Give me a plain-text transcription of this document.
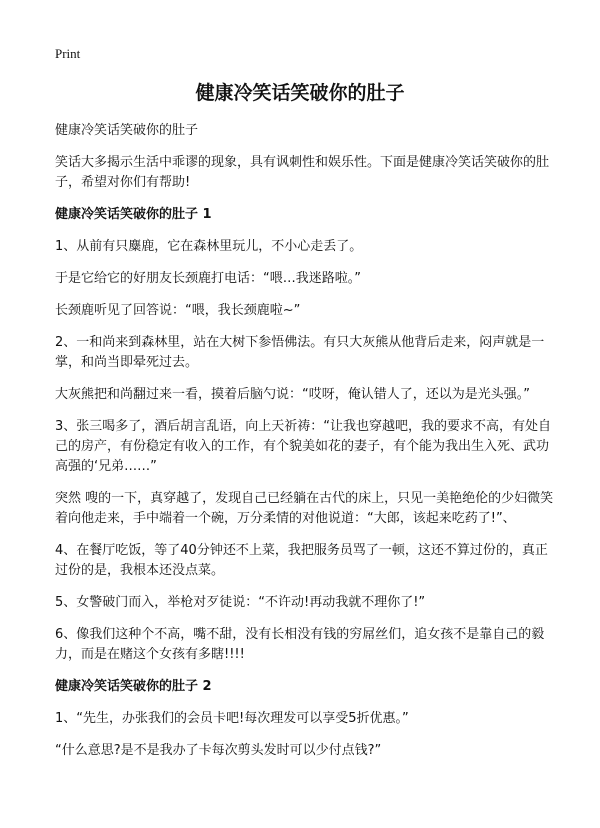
Print
健康冷笑话笑破你的肚子

健康冷笑话笑破你的肚子

笑话大多揭示生活中乖谬的现象，具有讽刺性和娱乐性。下面是健康冷笑话笑破你的肚子，希望对你们有帮助!

健康冷笑话笑破你的肚子 1

1、从前有只麋鹿，它在森林里玩儿，不小心走丢了。

于是它给它的好朋友长颈鹿打电话：“喂…我迷路啦。”

长颈鹿听见了回答说：“喂，我长颈鹿啦~”

2、一和尚来到森林里，站在大树下参悟佛法。有只大灰熊从他背后走来，闷声就是一掌，和尚当即晕死过去。

大灰熊把和尚翻过来一看，摸着后脑勺说：“哎呀，俺认错人了，还以为是光头强。”

3、张三喝多了，酒后胡言乱语，向上天祈祷：“让我也穿越吧，我的要求不高，有处自己的房产，有份稳定有收入的工作，有个貌美如花的妻子，有个能为我出生入死、武功高强的‘兄弟……”

突然 嗖的一下，真穿越了，发现自己已经躺在古代的床上，只见一美艳绝伦的少妇微笑着向他走来，手中端着一个碗，万分柔情的对他说道：“大郎，该起来吃药了!”、

4、在餐厅吃饭，等了40分钟还不上菜，我把服务员骂了一顿，这还不算过份的，真正过份的是，我根本还没点菜。

5、女警破门而入，举枪对歹徒说：“不许动!再动我就不理你了!”

6、像我们这种个不高，嘴不甜，没有长相没有钱的穷屌丝们，追女孩不是靠自己的毅力，而是在赌这个女孩有多瞎!!!!

健康冷笑话笑破你的肚子 2

1、“先生，办张我们的会员卡吧!每次理发可以享受5折优惠。”

“什么意思?是不是我办了卡每次剪头发时可以少付点钱?”
